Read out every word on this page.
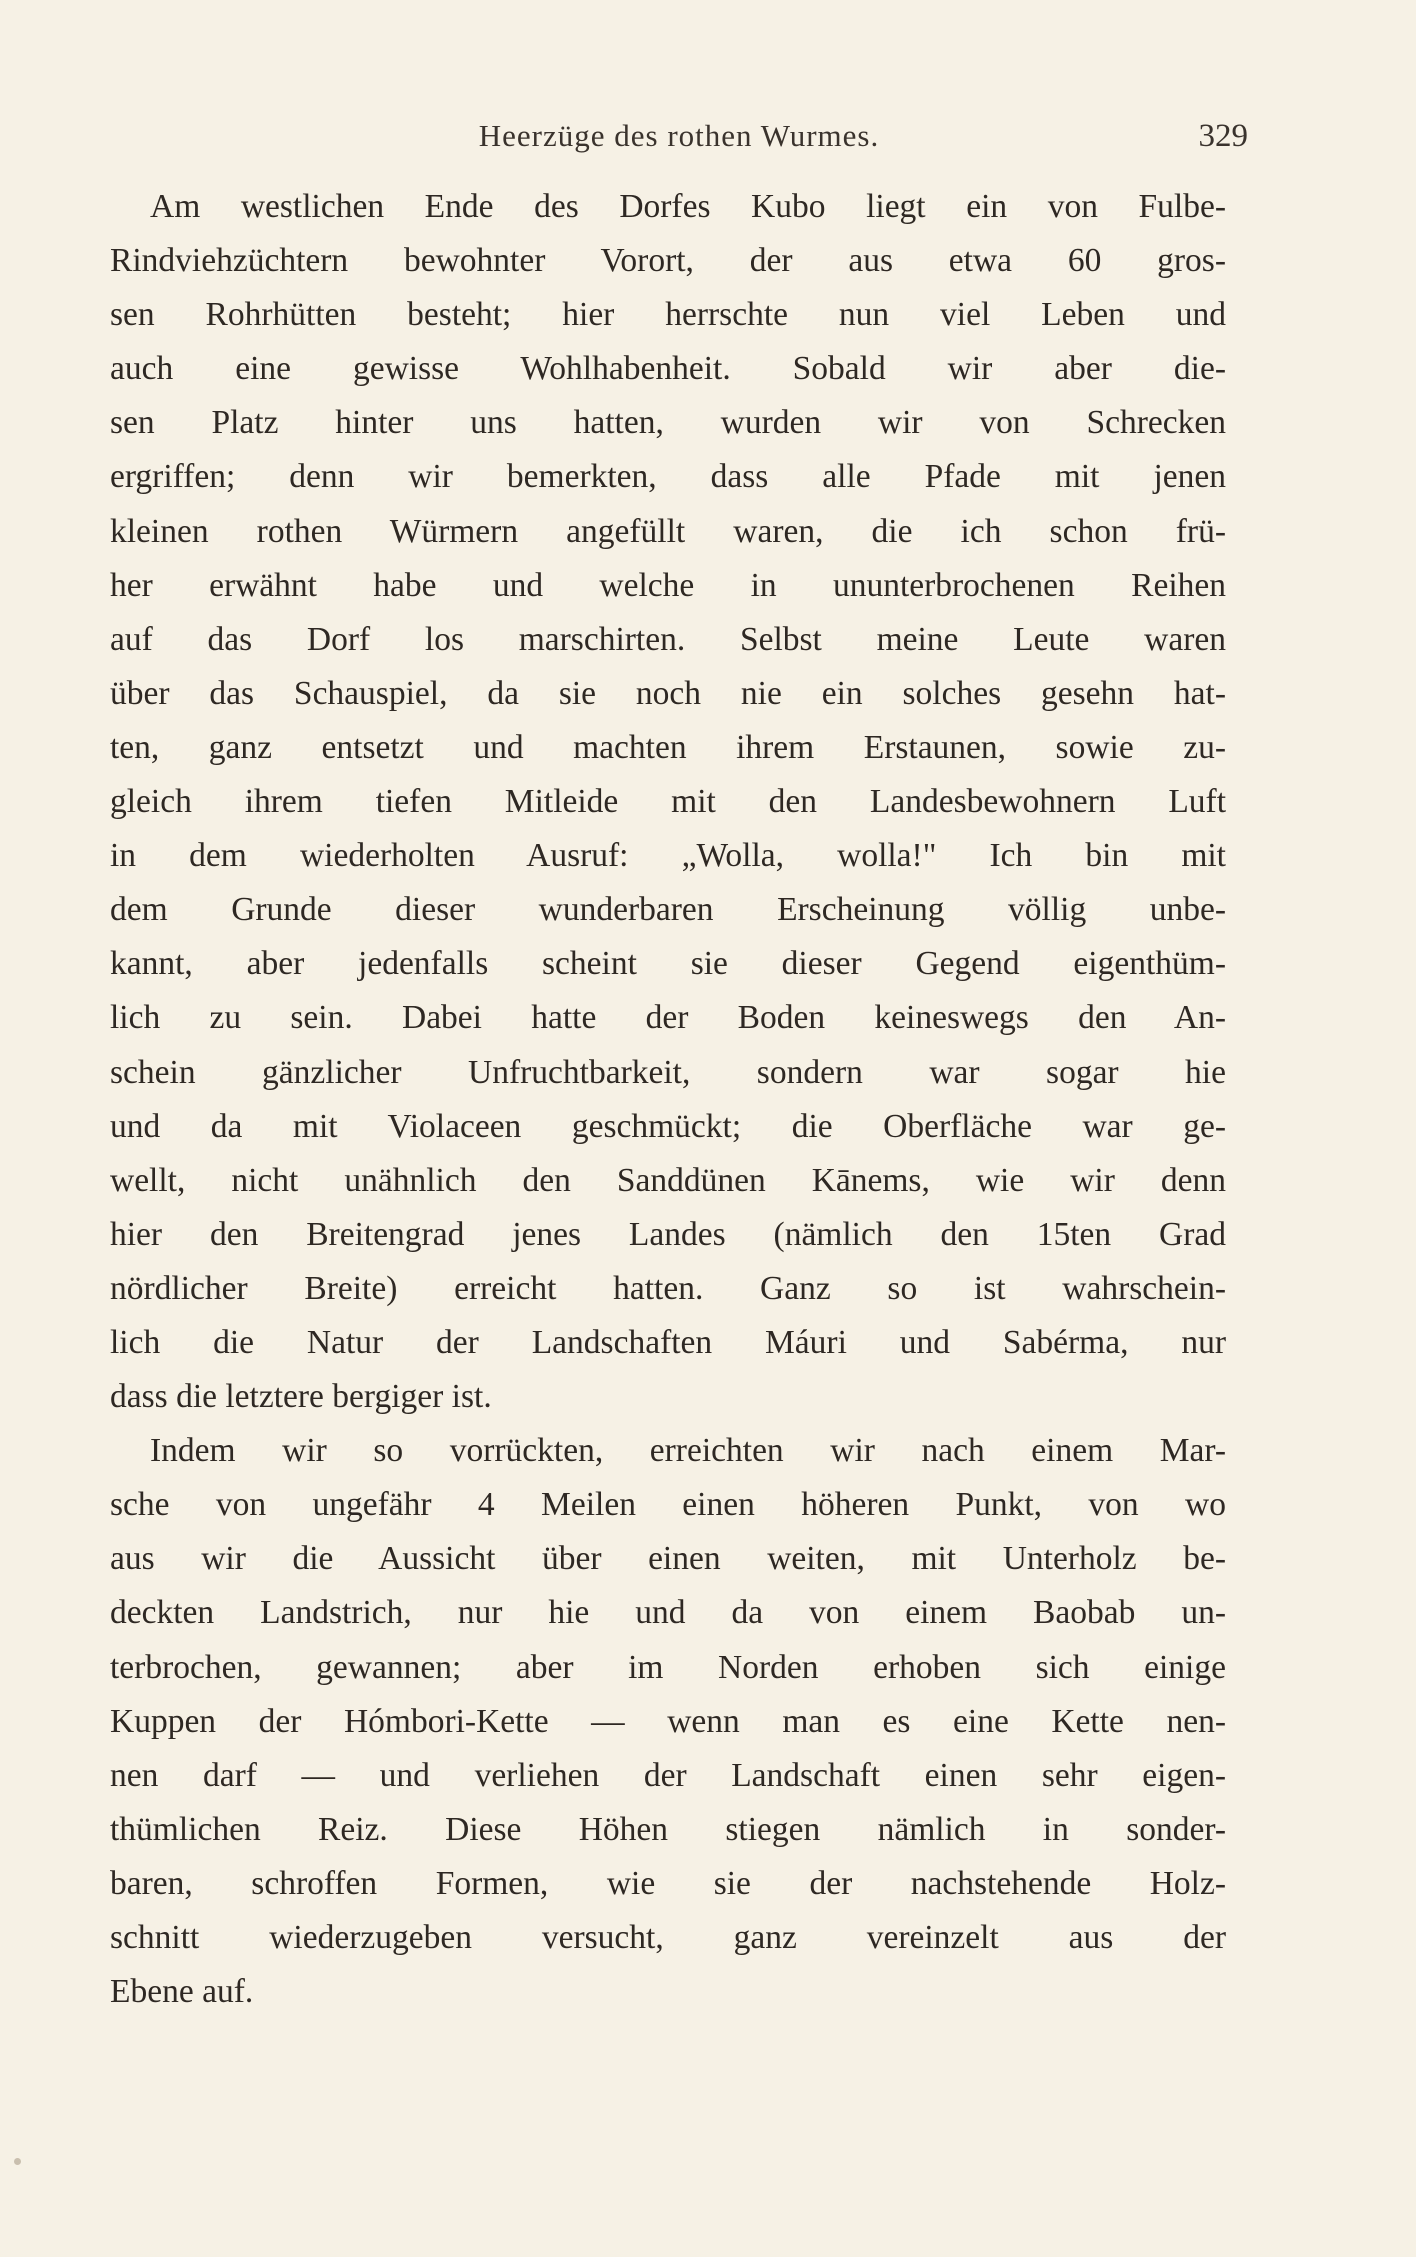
Heerzüge des rothen Wurmes.	329
Am westlichen Ende des Dorfes Kubo liegt ein von Fulbe-
Rindviehzüchtern bewohnter Vorort, der aus etwa 60 gros-
sen Rohrhütten besteht; hier herrschte nun viel Leben und
auch eine gewisse Wohlhabenheit. Sobald wir aber die-
sen Platz hinter uns hatten, wurden wir von Schrecken
ergriffen; denn wir bemerkten, dass alle Pfade mit jenen
kleinen rothen Würmern angefüllt waren, die ich schon frü-
her erwähnt habe und welche in ununterbrochenen Reihen
auf das Dorf los marschirten. Selbst meine Leute waren
über das Schauspiel, da sie noch nie ein solches gesehn hat-
ten, ganz entsetzt und machten ihrem Erstaunen, sowie zu-
gleich ihrem tiefen Mitleide mit den Landesbewohnern Luft
in dem wiederholten Ausruf: „Wolla, wolla!" Ich bin mit
dem Grunde dieser wunderbaren Erscheinung völlig unbe-
kannt, aber jedenfalls scheint sie dieser Gegend eigenthüm-
lich zu sein. Dabei hatte der Boden keineswegs den An-
schein gänzlicher Unfruchtbarkeit, sondern war sogar hie
und da mit Violaceen geschmückt; die Oberfläche war ge-
wellt, nicht unähnlich den Sanddünen Kānems, wie wir denn
hier den Breitengrad jenes Landes (nämlich den 15ten Grad
nördlicher Breite) erreicht hatten. Ganz so ist wahrschein-
lich die Natur der Landschaften Máuri und Sabérma, nur
dass die letztere bergiger ist.
Indem wir so vorrückten, erreichten wir nach einem Mar-
sche von ungefähr 4 Meilen einen höheren Punkt, von wo
aus wir die Aussicht über einen weiten, mit Unterholz be-
deckten Landstrich, nur hie und da von einem Baobab un-
terbrochen, gewannen; aber im Norden erhoben sich einige
Kuppen der Hómbori-Kette — wenn man es eine Kette nen-
nen darf — und verliehen der Landschaft einen sehr eigen-
thümlichen Reiz. Diese Höhen stiegen nämlich in sonder-
baren, schroffen Formen, wie sie der nachstehende Holz-
schnitt wiederzugeben versucht, ganz vereinzelt aus der
Ebene auf.
